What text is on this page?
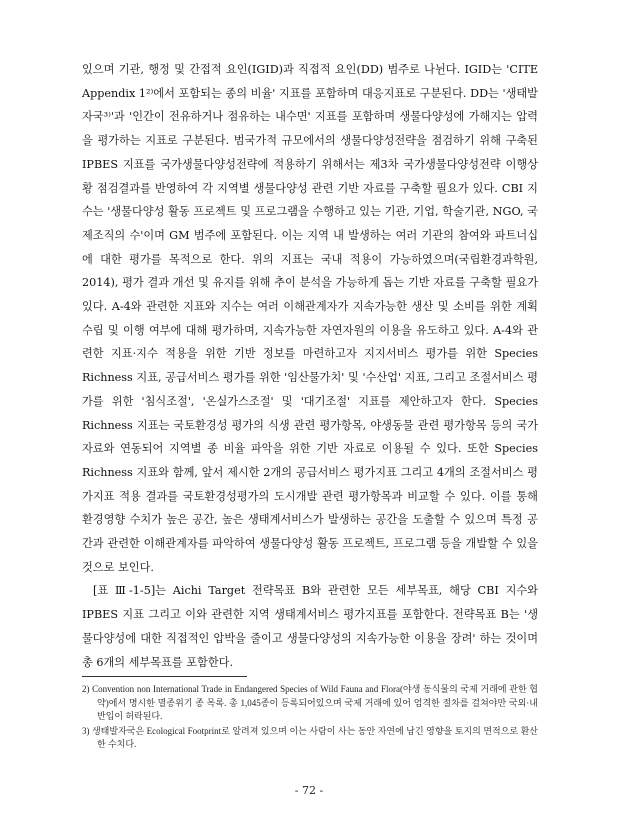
있으며 기관, 행정 및 간접적 요인(IGID)과 직접적 요인(DD) 범주로 나뉜다. IGID는 'CITE Appendix 1²⁾에서 포함되는 종의 비율' 지표를 포함하며 대응지표로 구분된다. DD는 '생태발자국³⁾'과 '인간이 전유하거나 점유하는 내수면' 지표를 포함하며 생물다양성에 가해지는 압력을 평가하는 지표로 구분된다. 범국가적 규모에서의 생물다양성전략을 점검하기 위해 구축된 IPBES 지표를 국가생물다양성전략에 적용하기 위해서는 제3차 국가생물다양성전략 이행상황 점검결과를 반영하여 각 지역별 생물다양성 관련 기반 자료를 구축할 필요가 있다. CBI 지수는 '생물다양성 활동 프로젝트 및 프로그램을 수행하고 있는 기관, 기업, 학술기관, NGO, 국제조직의 수'이며 GM 범주에 포함된다. 이는 지역 내 발생하는 여러 기관의 참여와 파트너십에 대한 평가를 목적으로 한다. 위의 지표는 국내 적용이 가능하였으며(국립환경과학원, 2014), 평가 결과 개선 및 유지를 위해 추이 분석을 가능하게 돕는 기반 자료를 구축할 필요가 있다. A-4와 관련한 지표와 지수는 여러 이해관계자가 지속가능한 생산 및 소비를 위한 계획 수립 및 이행 여부에 대해 평가하며, 지속가능한 자연자원의 이용을 유도하고 있다. A-4와 관련한 지표·지수 적용을 위한 기반 정보를 마련하고자 지지서비스 평가를 위한 Species Richness 지표, 공급서비스 평가를 위한 '임산물가치' 및 '수산업' 지표, 그리고 조절서비스 평가를 위한 '침식조절', '온실가스조절' 및 '대기조절' 지표를 제안하고자 한다. Species Richness 지표는 국토환경성 평가의 식생 관련 평가항목, 야생동물 관련 평가항목 등의 국가 자료와 연동되어 지역별 종 비율 파악을 위한 기반 자료로 이용될 수 있다. 또한 Species Richness 지표와 함께, 앞서 제시한 2개의 공급서비스 평가지표 그리고 4개의 조절서비스 평가지표 적용 결과를 국토환경성평가의 도시개발 관련 평가항목과 비교할 수 있다. 이를 통해 환경영향 수치가 높은 공간, 높은 생태계서비스가 발생하는 공간을 도출할 수 있으며 특정 공간과 관련한 이해관계자를 파악하여 생물다양성 활동 프로젝트, 프로그램 등을 개발할 수 있을 것으로 보인다.

[표 Ⅲ-1-5]는 Aichi Target 전략목표 B와 관련한 모든 세부목표, 해당 CBI 지수와 IPBES 지표 그리고 이와 관련한 지역 생태계서비스 평가지표를 포함한다. 전략목표 B는 '생물다양성에 대한 직접적인 압박을 줄이고 생물다양성의 지속가능한 이용을 장려' 하는 것이며 총 6개의 세부목표를 포함한다.

2) Convention non International Trade in Endangered Species of Wild Fauna and Flora(야생 동식물의 국제 거래에 관한 협약)에서 명시한 멸종위기 종 목록. 총 1,045종이 등록되어있으며 국제 거래에 있어 엄격한 절차를 걸쳐야만 국외·내 반입이 허락된다.

3) 생태발자국은 Ecological Footprint로 알려져 있으며 이는 사람이 사는 동안 자연에 남긴 영향을 토지의 면적으로 환산한 수치다.

- 72 -
